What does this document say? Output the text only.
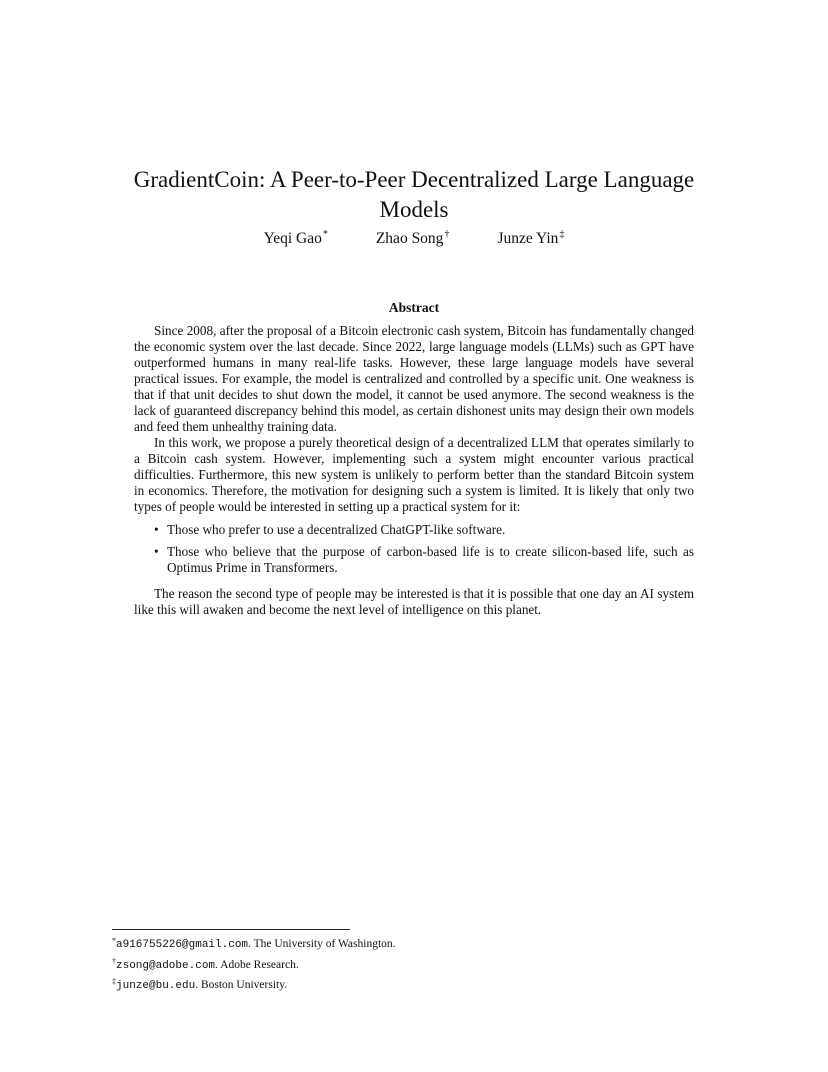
GradientCoin: A Peer-to-Peer Decentralized Large Language Models
Yeqi Gao*	Zhao Song†	Junze Yin‡
Abstract

Since 2008, after the proposal of a Bitcoin electronic cash system, Bitcoin has fundamentally changed the economic system over the last decade. Since 2022, large language models (LLMs) such as GPT have outperformed humans in many real-life tasks. However, these large language models have several practical issues. For example, the model is centralized and controlled by a specific unit. One weakness is that if that unit decides to shut down the model, it cannot be used anymore. The second weakness is the lack of guaranteed discrepancy behind this model, as certain dishonest units may design their own models and feed them unhealthy training data.

In this work, we propose a purely theoretical design of a decentralized LLM that operates similarly to a Bitcoin cash system. However, implementing such a system might encounter various practical difficulties. Furthermore, this new system is unlikely to perform better than the standard Bitcoin system in economics. Therefore, the motivation for designing such a system is limited. It is likely that only two types of people would be interested in setting up a practical system for it:

• Those who prefer to use a decentralized ChatGPT-like software.
• Those who believe that the purpose of carbon-based life is to create silicon-based life, such as Optimus Prime in Transformers.

The reason the second type of people may be interested is that it is possible that one day an AI system like this will awaken and become the next level of intelligence on this planet.

*a916755226@gmail.com. The University of Washington.
†zsong@adobe.com. Adobe Research.
‡junze@bu.edu. Boston University.
